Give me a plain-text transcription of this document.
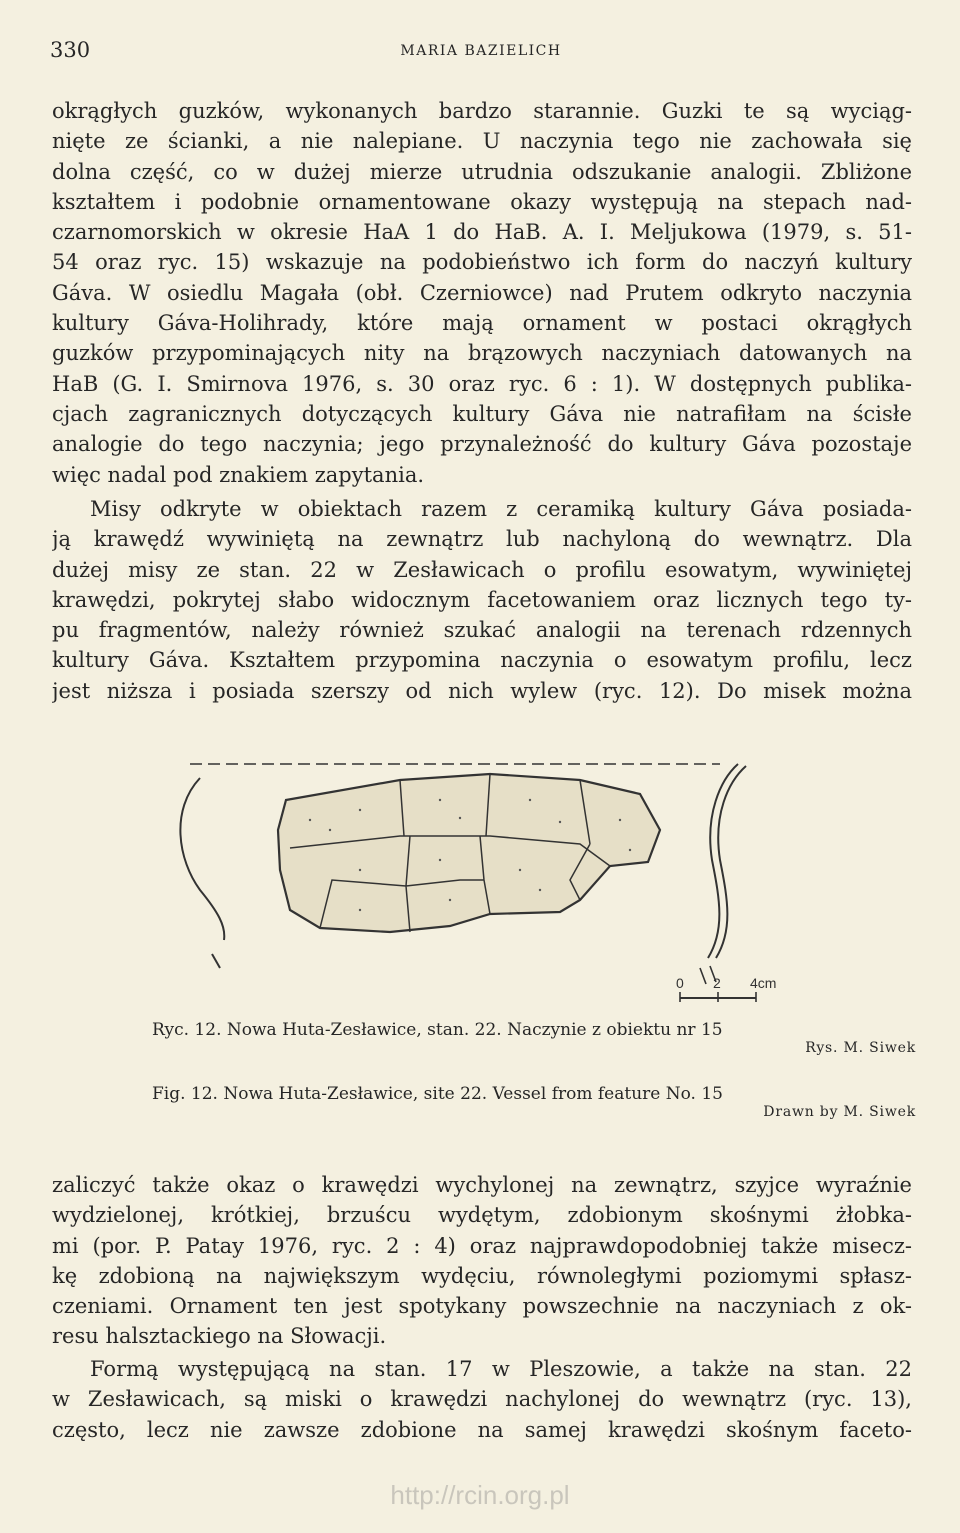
330	MARIA BAZIELICH
okrągłych guzków, wykonanych bardzo starannie. Guzki te są wyciąg-
nięte ze ścianki, a nie nalepiane. U naczynia tego nie zachowała się
dolna część, co w dużej mierze utrudnia odszukanie analogii. Zbliżone
kształtem i podobnie ornamentowane okazy występują na stepach nad-
czarnomorskich w okresie HaA 1 do HaB. A. I. Meljukowa (1979, s. 51-
54 oraz ryc. 15) wskazuje na podobieństwo ich form do naczyń kultury
Gáva. W osiedlu Magała (obł. Czerniowce) nad Prutem odkryto naczynia
kultury Gáva-Holihrady, które mają ornament w postaci okrągłych
guzków przypominających nity na brązowych naczyniach datowanych na
HaB (G. I. Smirnova 1976, s. 30 oraz ryc. 6 : 1). W dostępnych publika-
cjach zagranicznych dotyczących kultury Gáva nie natrafiłam na ścisłe
analogie do tego naczynia; jego przynależność do kultury Gáva pozostaje
więc nadal pod znakiem zapytania.
Misy odkryte w obiektach razem z ceramiką kultury Gáva posiada-
ją krawędź wywiniętą na zewnątrz lub nachyloną do wewnątrz. Dla
dużej misy ze stan. 22 w Zesławicach o profilu esowatym, wywiniętej
krawędzi, pokrytej słabo widocznym facetowaniem oraz licznych tego ty-
pu fragmentów, należy również szukać analogii na terenach rdzennych
kultury Gáva. Kształtem przypomina naczynia o esowatym profilu, lecz
jest niższa i posiada szerszy od nich wylew (ryc. 12). Do misek można
0 2 4cm

Ryc. 12. Nowa Huta-Zesławice, stan. 22. Naczynie z obiektu nr 15

Rys. M. Siwek

Fig. 12. Nowa Huta-Zesławice, site 22. Vessel from feature No. 15

Drawn by M. Siwek

zaliczyć także okaz o krawędzi wychylonej na zewnątrz, szyjce wyraźnie
wydzielonej, krótkiej, brzuścu wydętym, zdobionym skośnymi żłobka-
mi (por. P. Patay 1976, ryc. 2 : 4) oraz najprawdopodobniej także misecz-
kę zdobioną na największym wydęciu, równoległymi poziomymi spłasz-
czeniami. Ornament ten jest spotykany powszechnie na naczyniach z ok-
resu halsztackiego na Słowacji.
Formą występującą na stan. 17 w Pleszowie, a także na stan. 22
w Zesławicach, są miski o krawędzi nachylonej do wewnątrz (ryc. 13),
często, lecz nie zawsze zdobione na samej krawędzi skośnym faceto-
http://rcin.org.pl
